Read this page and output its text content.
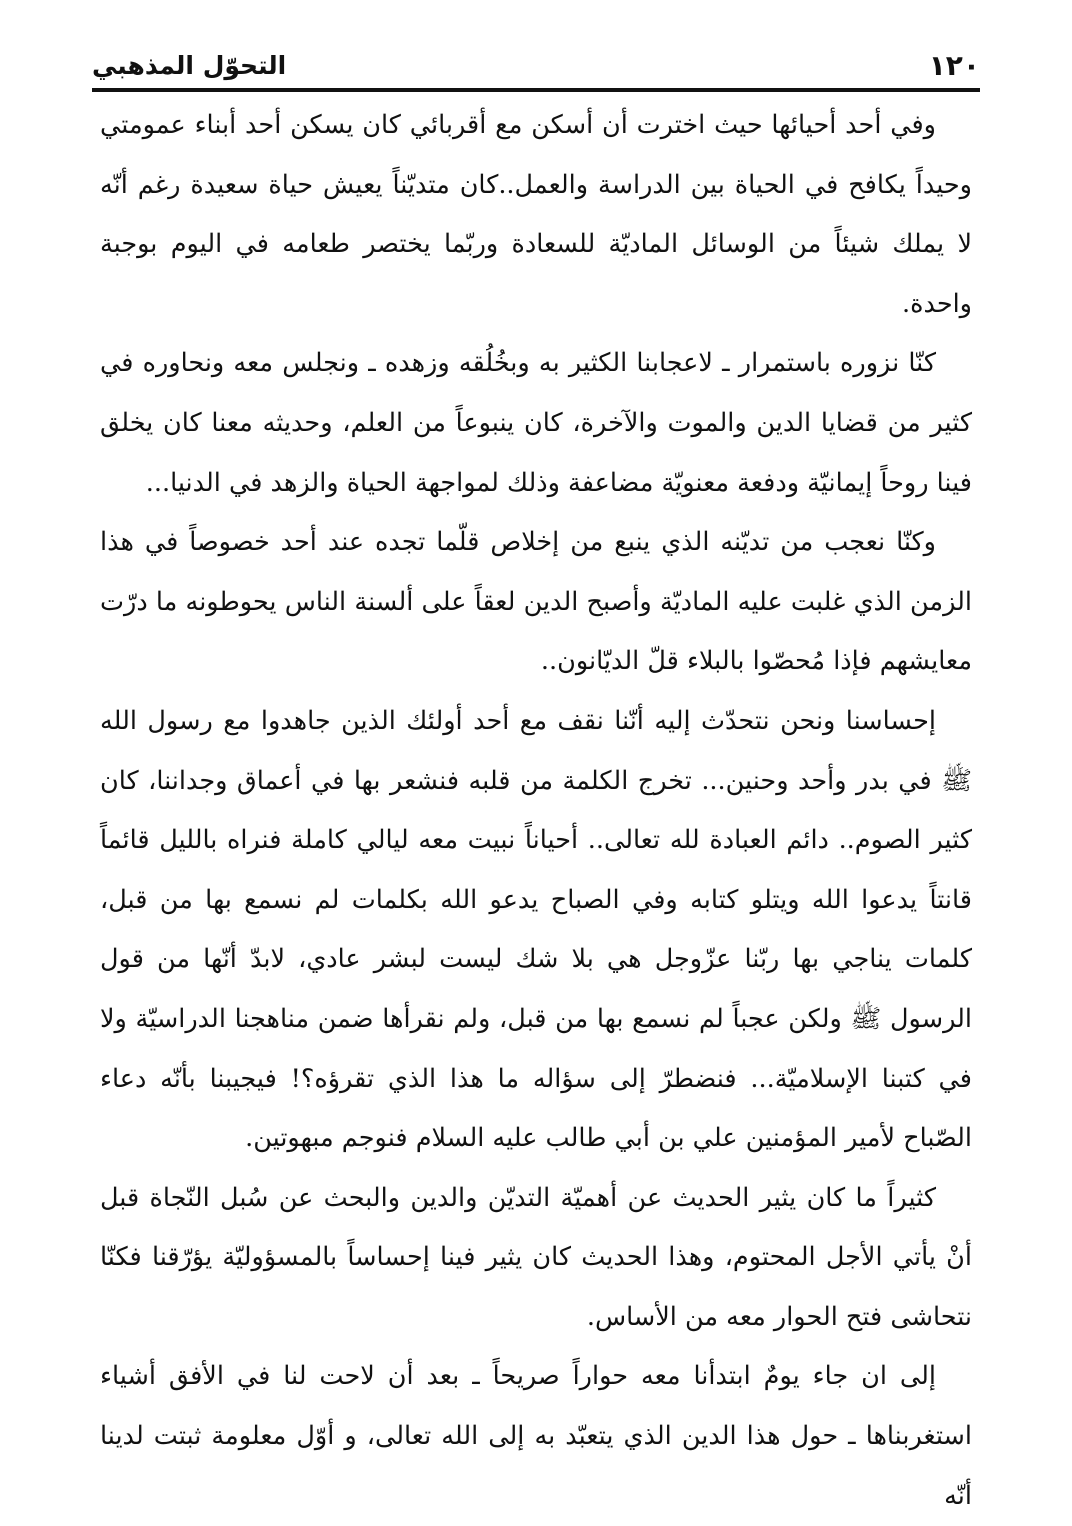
١٢٠
التحوّل المذهبي

وفي أحد أحيائها حيث اخترت أن أسكن مع أقربائي كان يسكن أحد أبناء عمومتي وحيداً يكافح في الحياة بين الدراسة والعمل..كان متديّناً يعيش حياة سعيدة رغم أنّه لا يملك شيئاً من الوسائل الماديّة للسعادة وربّما يختصر طعامه في اليوم بوجبة واحدة.

كنّا نزوره باستمرار ـ لاعجابنا الكثير به وبخُلُقه وزهده ـ ونجلس معه ونحاوره في كثير من قضايا الدين والموت والآخرة، كان ينبوعاً من العلم، وحديثه معنا كان يخلق فينا روحاً إيمانيّة ودفعة معنويّة مضاعفة وذلك لمواجهة الحياة والزهد في الدنيا...

وكنّا نعجب من تديّنه الذي ينبع من إخلاص قلّما تجده عند أحد خصوصاً في هذا الزمن الذي غلبت عليه الماديّة وأصبح الدين لعقاً على ألسنة الناس يحوطونه ما درّت معايشهم فإذا مُحصّوا بالبلاء قلّ الديّانون..

إحساسنا ونحن نتحدّث إليه أنّنا نقف مع أحد أولئك الذين جاهدوا مع رسول الله ﷺ في بدر وأحد وحنين... تخرج الكلمة من قلبه فنشعر بها في أعماق وجداننا، كان كثير الصوم.. دائم العبادة لله تعالى.. أحياناً نبيت معه ليالي كاملة فنراه بالليل قائماً قانتاً يدعوا الله ويتلو كتابه وفي الصباح يدعو الله بكلمات لم نسمع بها من قبل، كلمات يناجي بها ربّنا عزّوجل هي بلا شك ليست لبشر عادي، لابدّ أنّها من قول الرسول ﷺ ولكن عجباً لم نسمع بها من قبل، ولم نقرأها ضمن مناهجنا الدراسيّة ولا في كتبنا الإسلاميّة... فنضطرّ إلى سؤاله ما هذا الذي تقرؤه؟! فيجيبنا بأنّه دعاء الصّباح لأمير المؤمنين علي بن أبي طالب عليه السلام فنوجم مبهوتين.

كثيراً ما كان يثير الحديث عن أهميّة التديّن والدين والبحث عن سُبل النّجاة قبل أنْ يأتي الأجل المحتوم، وهذا الحديث كان يثير فينا إحساساً بالمسؤوليّة يؤرّقنا فكنّا نتحاشى فتح الحوار معه من الأساس.

إلى ان جاء يومٌ ابتدأنا معه حواراً صريحاً ـ بعد أن لاحت لنا في الأفق أشياء استغربناها ـ حول هذا الدين الذي يتعبّد به إلى الله تعالى، و أوّل معلومة ثبتت لدينا أنّه
